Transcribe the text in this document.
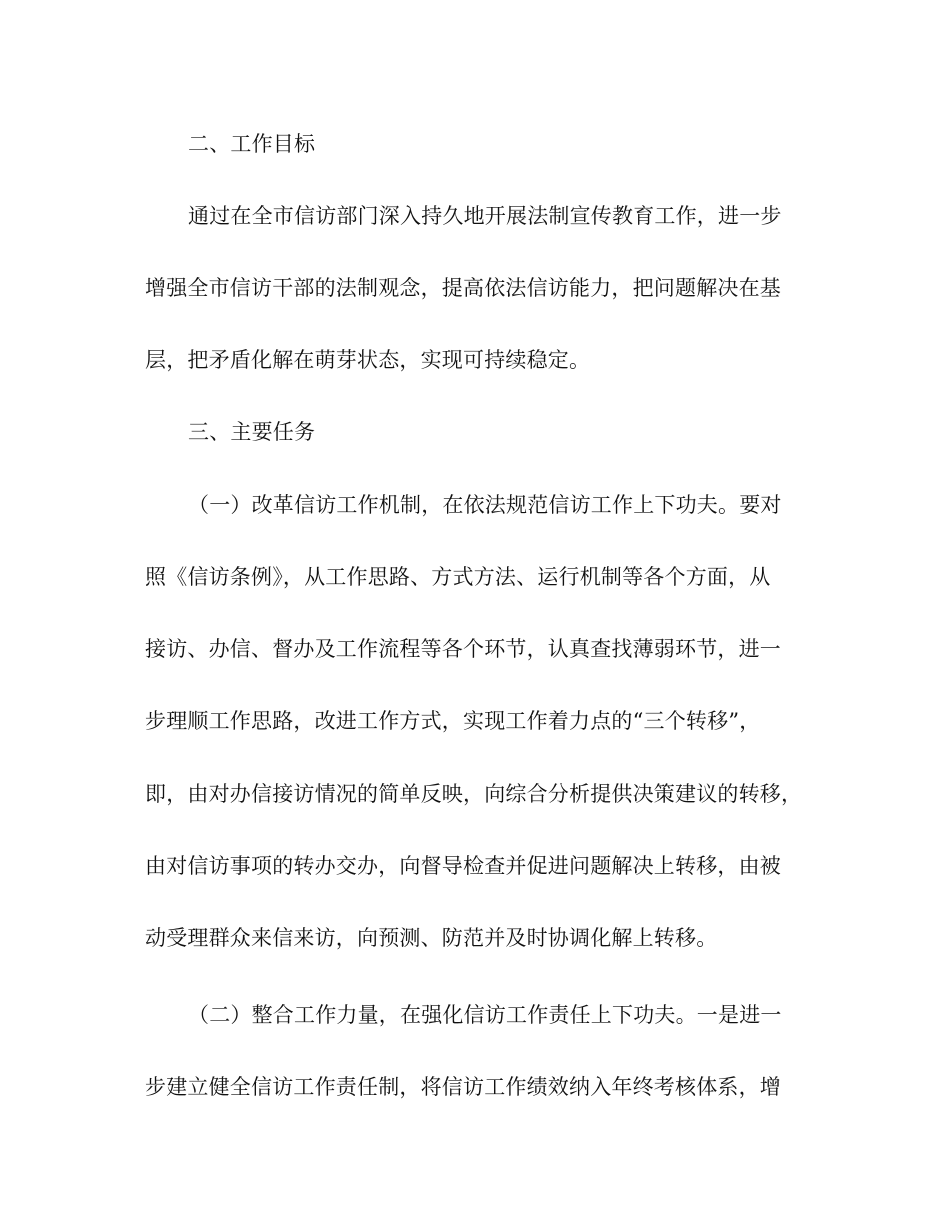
二、工作目标
通过在全市信访部门深入持久地开展法制宣传教育工作，进一步
增强全市信访干部的法制观念，提高依法信访能力，把问题解决在基
层，把矛盾化解在萌芽状态，实现可持续稳定。
三、主要任务
（一）改革信访工作机制，在依法规范信访工作上下功夫。要对
照《信访条例》，从工作思路、方式方法、运行机制等各个方面，从
接访、办信、督办及工作流程等各个环节，认真查找薄弱环节，进一
步理顺工作思路，改进工作方式，实现工作着力点的“三个转移”，
即，由对办信接访情况的简单反映，向综合分析提供决策建议的转移，
由对信访事项的转办交办，向督导检查并促进问题解决上转移，由被
动受理群众来信来访，向预测、防范并及时协调化解上转移。
（二）整合工作力量，在强化信访工作责任上下功夫。一是进一
步建立健全信访工作责任制，将信访工作绩效纳入年终考核体系，增
